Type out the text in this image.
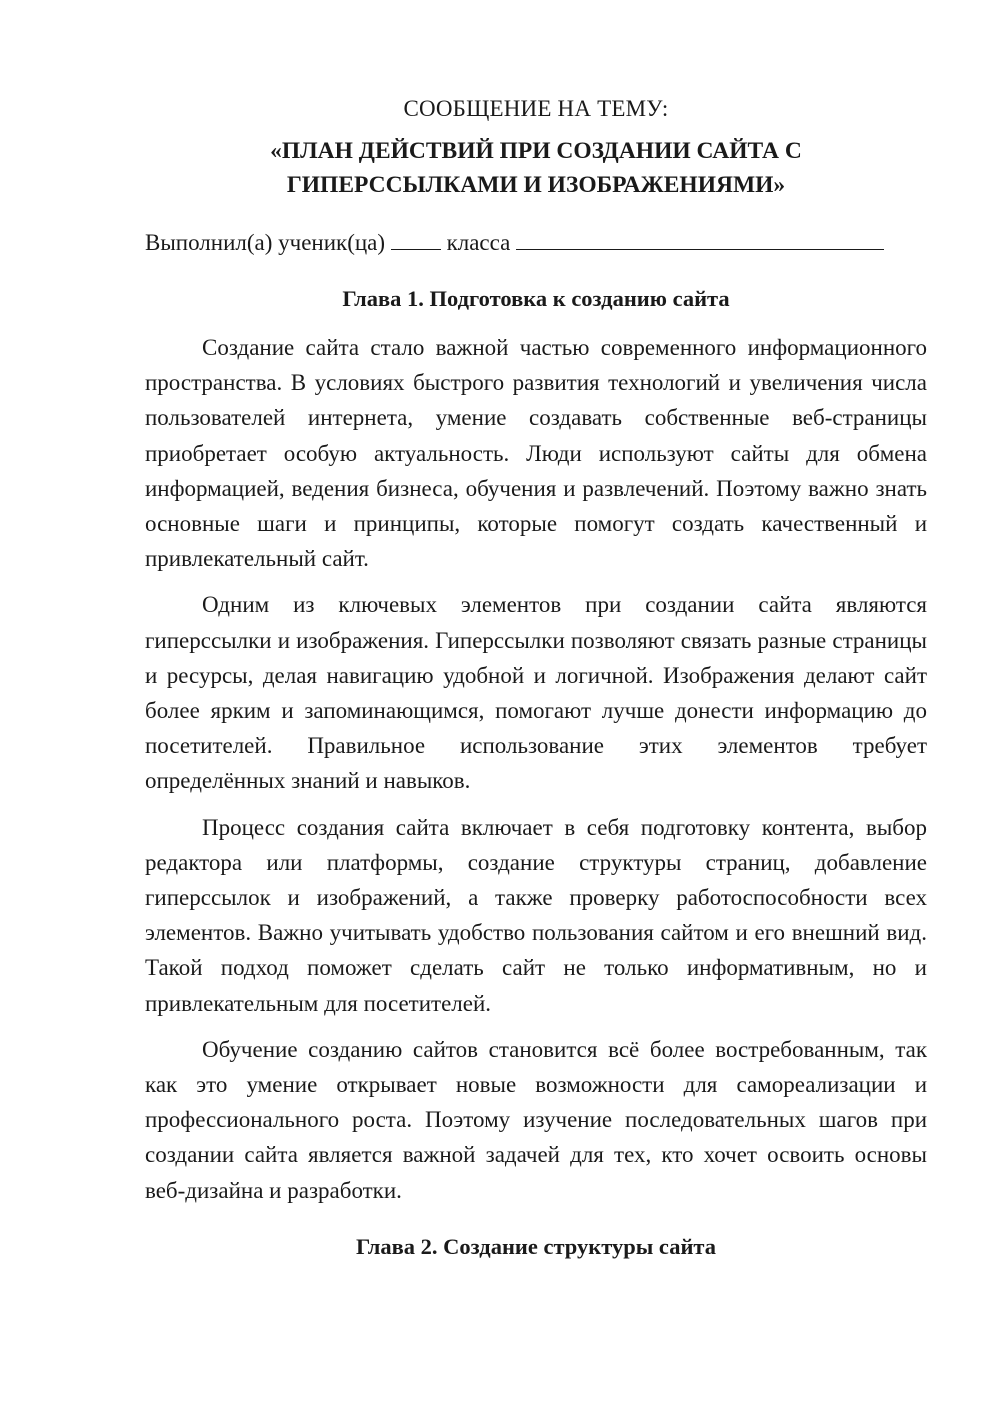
СООБЩЕНИЕ НА ТЕМУ:
«ПЛАН ДЕЙСТВИЙ ПРИ СОЗДАНИИ САЙТА С
ГИПЕРССЫЛКАМИ И ИЗОБРАЖЕНИЯМИ»
Выполнил(а) ученик(ца)	класса
Глава 1. Подготовка к созданию сайта

Создание сайта стало важной частью современного информационного пространства. В условиях быстрого развития технологий и увеличения числа пользователей интернета, умение создавать собственные веб-страницы приобретает особую актуальность. Люди используют сайты для обмена информацией, ведения бизнеса, обучения и развлечений. Поэтому важно знать основные шаги и принципы, которые помогут создать качественный и привлекательный сайт.

Одним из ключевых элементов при создании сайта являются гиперссылки и изображения. Гиперссылки позволяют связать разные страницы и ресурсы, делая навигацию удобной и логичной. Изображения делают сайт более ярким и запоминающимся, помогают лучше донести информацию до посетителей. Правильное использование этих элементов требует определённых знаний и навыков.

Процесс создания сайта включает в себя подготовку контента, выбор редактора или платформы, создание структуры страниц, добавление гиперссылок и изображений, а также проверку работоспособности всех элементов. Важно учитывать удобство пользования сайтом и его внешний вид. Такой подход поможет сделать сайт не только информативным, но и привлекательным для посетителей.

Обучение созданию сайтов становится всё более востребованным, так как это умение открывает новые возможности для самореализации и профессионального роста. Поэтому изучение последовательных шагов при создании сайта является важной задачей для тех, кто хочет освоить основы веб-дизайна и разработки.

Глава 2. Создание структуры сайта
